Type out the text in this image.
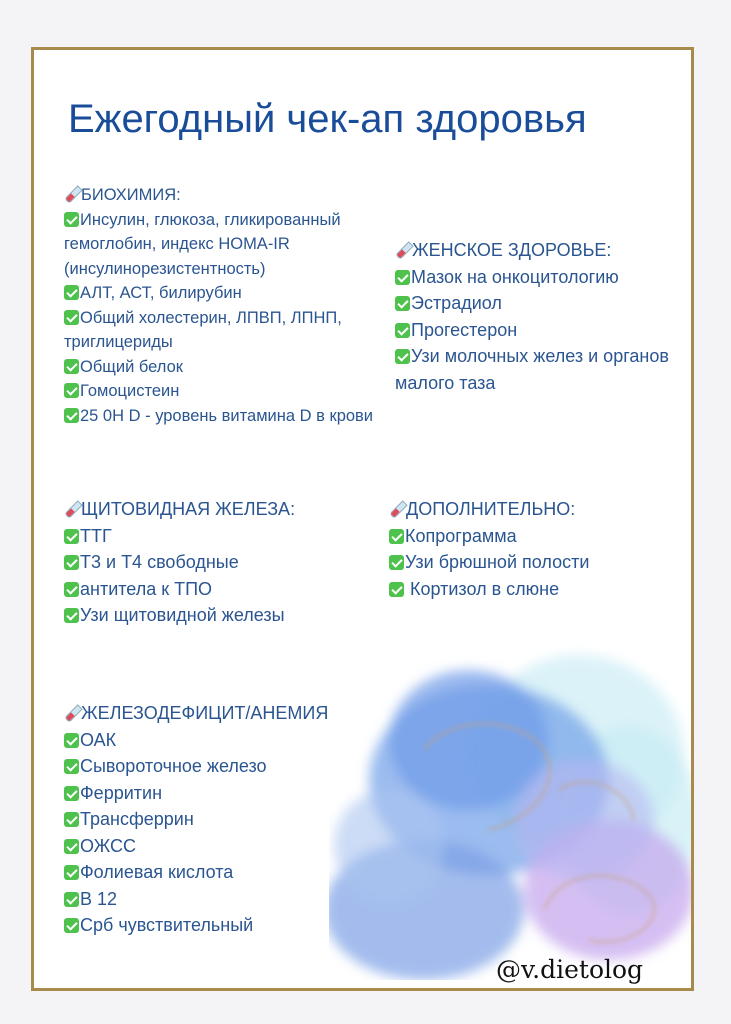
Ежегодный чек-ап здоровья
БИОХИМИЯ:
Инсулин, глюкоза, гликированный гемоглобин, индекс HOMA-IR (инсулинорезистентность)
АЛТ, АСТ, билирубин
Общий холестерин, ЛПВП, ЛПНП, триглицериды
Общий белок
Гомоцистеин
25 0H D - уровень витамина D в крови
ЖЕНСКОЕ ЗДОРОВЬЕ:
Мазок на онкоцитологию
Эстрадиол
Прогестерон
Узи молочных желез и органов малого таза
ЩИТОВИДНАЯ ЖЕЛЕЗА:
ТТГ
Т3 и Т4 свободные
антитела к ТПО
Узи щитовидной железы
ДОПОЛНИТЕЛЬНО:
Копрограмма
Узи брюшной полости
Кортизол в слюне
ЖЕЛЕЗОДЕФИЦИТ/АНЕМИЯ
ОАК
Сывороточное железо
Ферритин
Трансферрин
ОЖСС
Фолиевая кислота
В 12
Срб чувствительный
@v.dietolog
